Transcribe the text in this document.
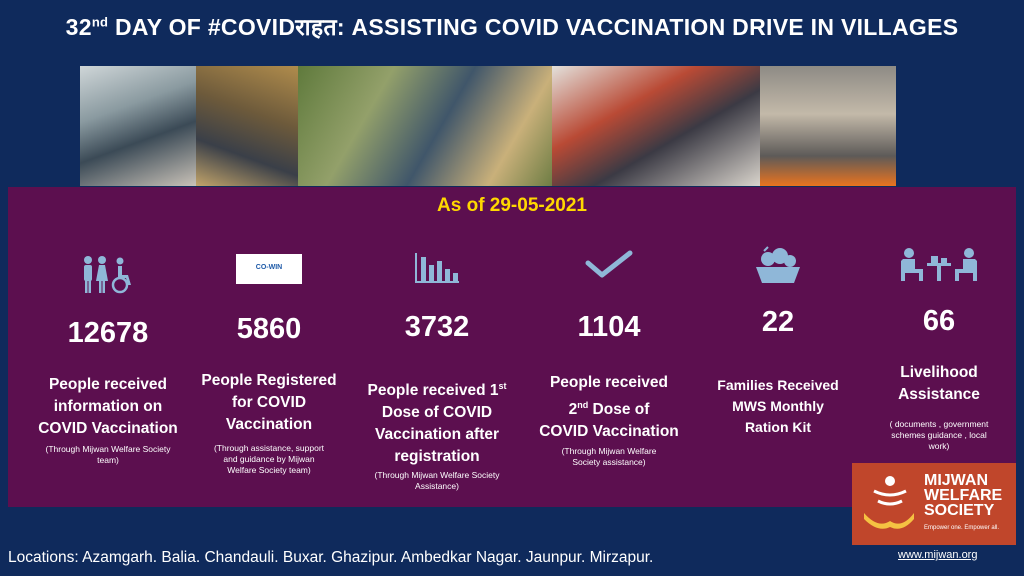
32nd DAY OF #COVIDराहत: ASSISTING COVID VACCINATION DRIVE IN VILLAGES
As of 29-05-2021
12678
People received
information on
COVID Vaccination
(Through Mijwan Welfare Society
team)
CO-WIN
5860
People Registered
for COVID
Vaccination
(Through assistance, support
and guidance by Mijwan
Welfare Society team)
3732
People received 1st
Dose of COVID
Vaccination after
registration
(Through Mijwan Welfare Society
Assistance)
1104
People received
2nd Dose of
COVID Vaccination
(Through Mijwan Welfare
Society assistance)
22
Families Received
MWS Monthly
Ration Kit
66
Livelihood
Assistance
( documents , government
schemes guidance , local
work)
MIJWAN
WELFARE
SOCIETY
Empower one. Empower all.
Locations: Azamgarh. Balia. Chandauli. Buxar. Ghazipur. Ambedkar Nagar. Jaunpur. Mirzapur.	www.mijwan.org
